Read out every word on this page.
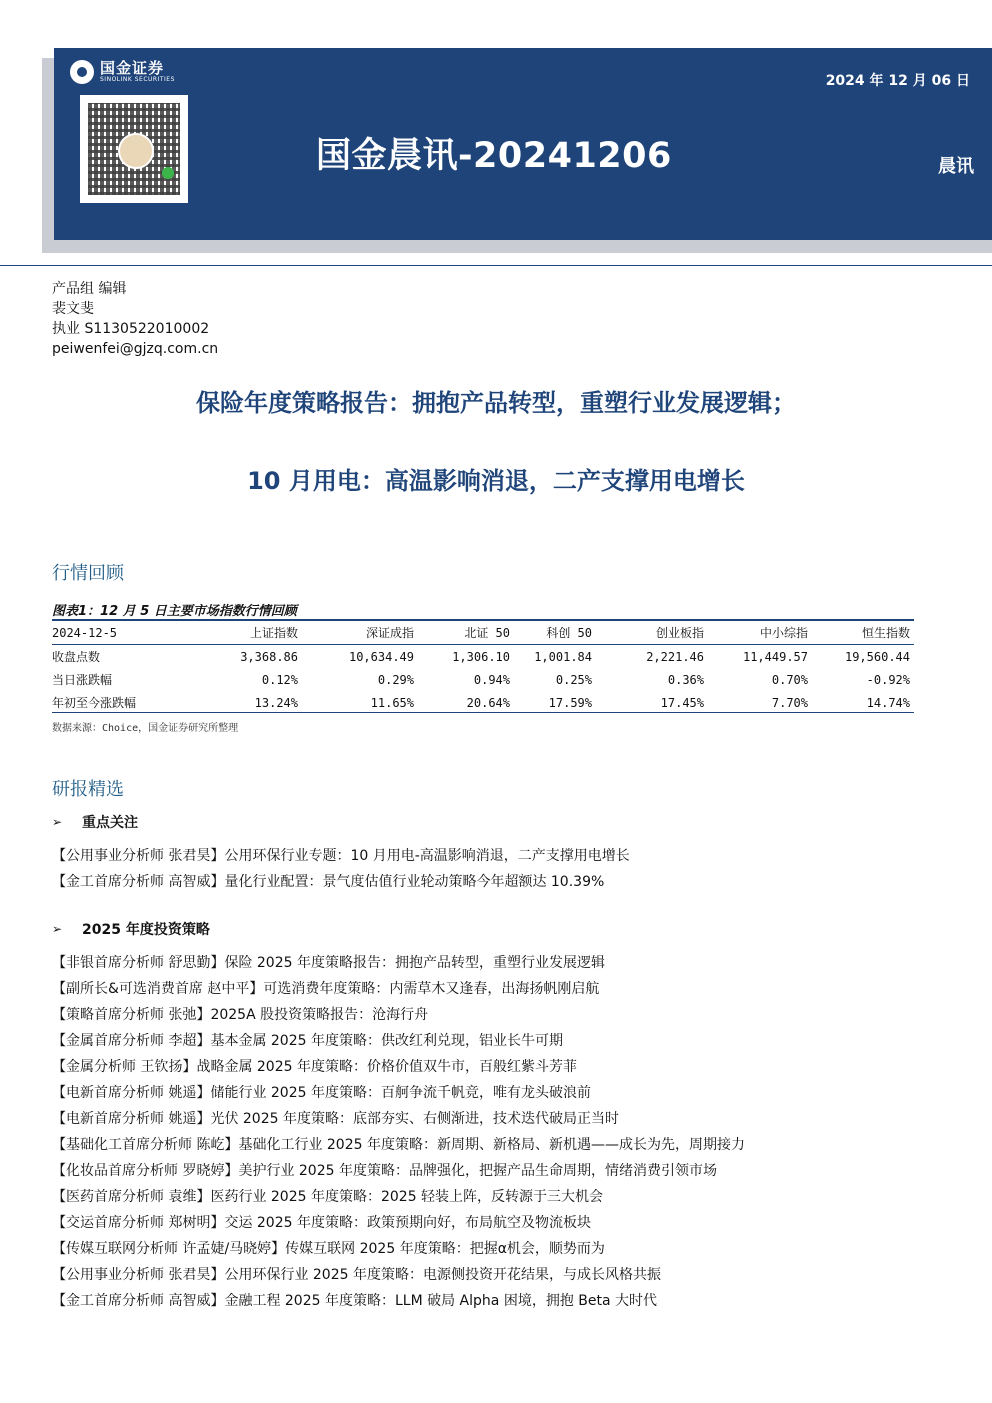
国金证券
SINOLINK SECURITIES	2024 年 12 月 06 日
国金晨讯-20241206	晨讯
产品组 编辑
裴文斐
执业 S1130522010002
peiwenfei@gjzq.com.cn
保险年度策略报告：拥抱产品转型，重塑行业发展逻辑；
10 月用电：高温影响消退，二产支撑用电增长
行情回顾
图表1：12 月 5 日主要市场指数行情回顾
2024-12-5	上证指数	深证成指	北证 50	科创 50	创业板指	中小综指	恒生指数
收盘点数	3,368.86	10,634.49	1,306.10	1,001.84	2,221.46	11,449.57	19,560.44
当日涨跌幅	0.12%	0.29%	0.94%	0.25%	0.36%	0.70%	-0.92%
年初至今涨跌幅	13.24%	11.65%	20.64%	17.59%	17.45%	7.70%	14.74%
数据来源：Choice，国金证券研究所整理
研报精选
➢	重点关注
【公用事业分析师 张君昊】公用环保行业专题：10 月用电-高温影响消退，二产支撑用电增长
【金工首席分析师 高智威】量化行业配置：景气度估值行业轮动策略今年超额达 10.39%
➢	2025 年度投资策略
【非银首席分析师 舒思勤】保险 2025 年度策略报告：拥抱产品转型，重塑行业发展逻辑
【副所长&可选消费首席 赵中平】可选消费年度策略：内需草木又逢春，出海扬帆刚启航
【策略首席分析师 张弛】2025A 股投资策略报告：沧海行舟
【金属首席分析师 李超】基本金属 2025 年度策略：供改红利兑现，铝业长牛可期
【金属分析师 王钦扬】战略金属 2025 年度策略：价格价值双牛市，百般红紫斗芳菲
【电新首席分析师 姚遥】储能行业 2025 年度策略：百舸争流千帆竞，唯有龙头破浪前
【电新首席分析师 姚遥】光伏 2025 年度策略：底部夯实、右侧渐进，技术迭代破局正当时
【基础化工首席分析师 陈屹】基础化工行业 2025 年度策略：新周期、新格局、新机遇——成长为先，周期接力
【化妆品首席分析师 罗晓婷】美护行业 2025 年度策略：品牌强化，把握产品生命周期，情绪消费引领市场
【医药首席分析师 袁维】医药行业 2025 年度策略：2025 轻装上阵，反转源于三大机会
【交运首席分析师 郑树明】交运 2025 年度策略：政策预期向好，布局航空及物流板块
【传媒互联网分析师 许孟婕/马晓婷】传媒互联网 2025 年度策略：把握α机会，顺势而为
【公用事业分析师 张君昊】公用环保行业 2025 年度策略：电源侧投资开花结果，与成长风格共振
【金工首席分析师 高智威】金融工程 2025 年度策略：LLM 破局 Alpha 困境，拥抱 Beta 大时代
